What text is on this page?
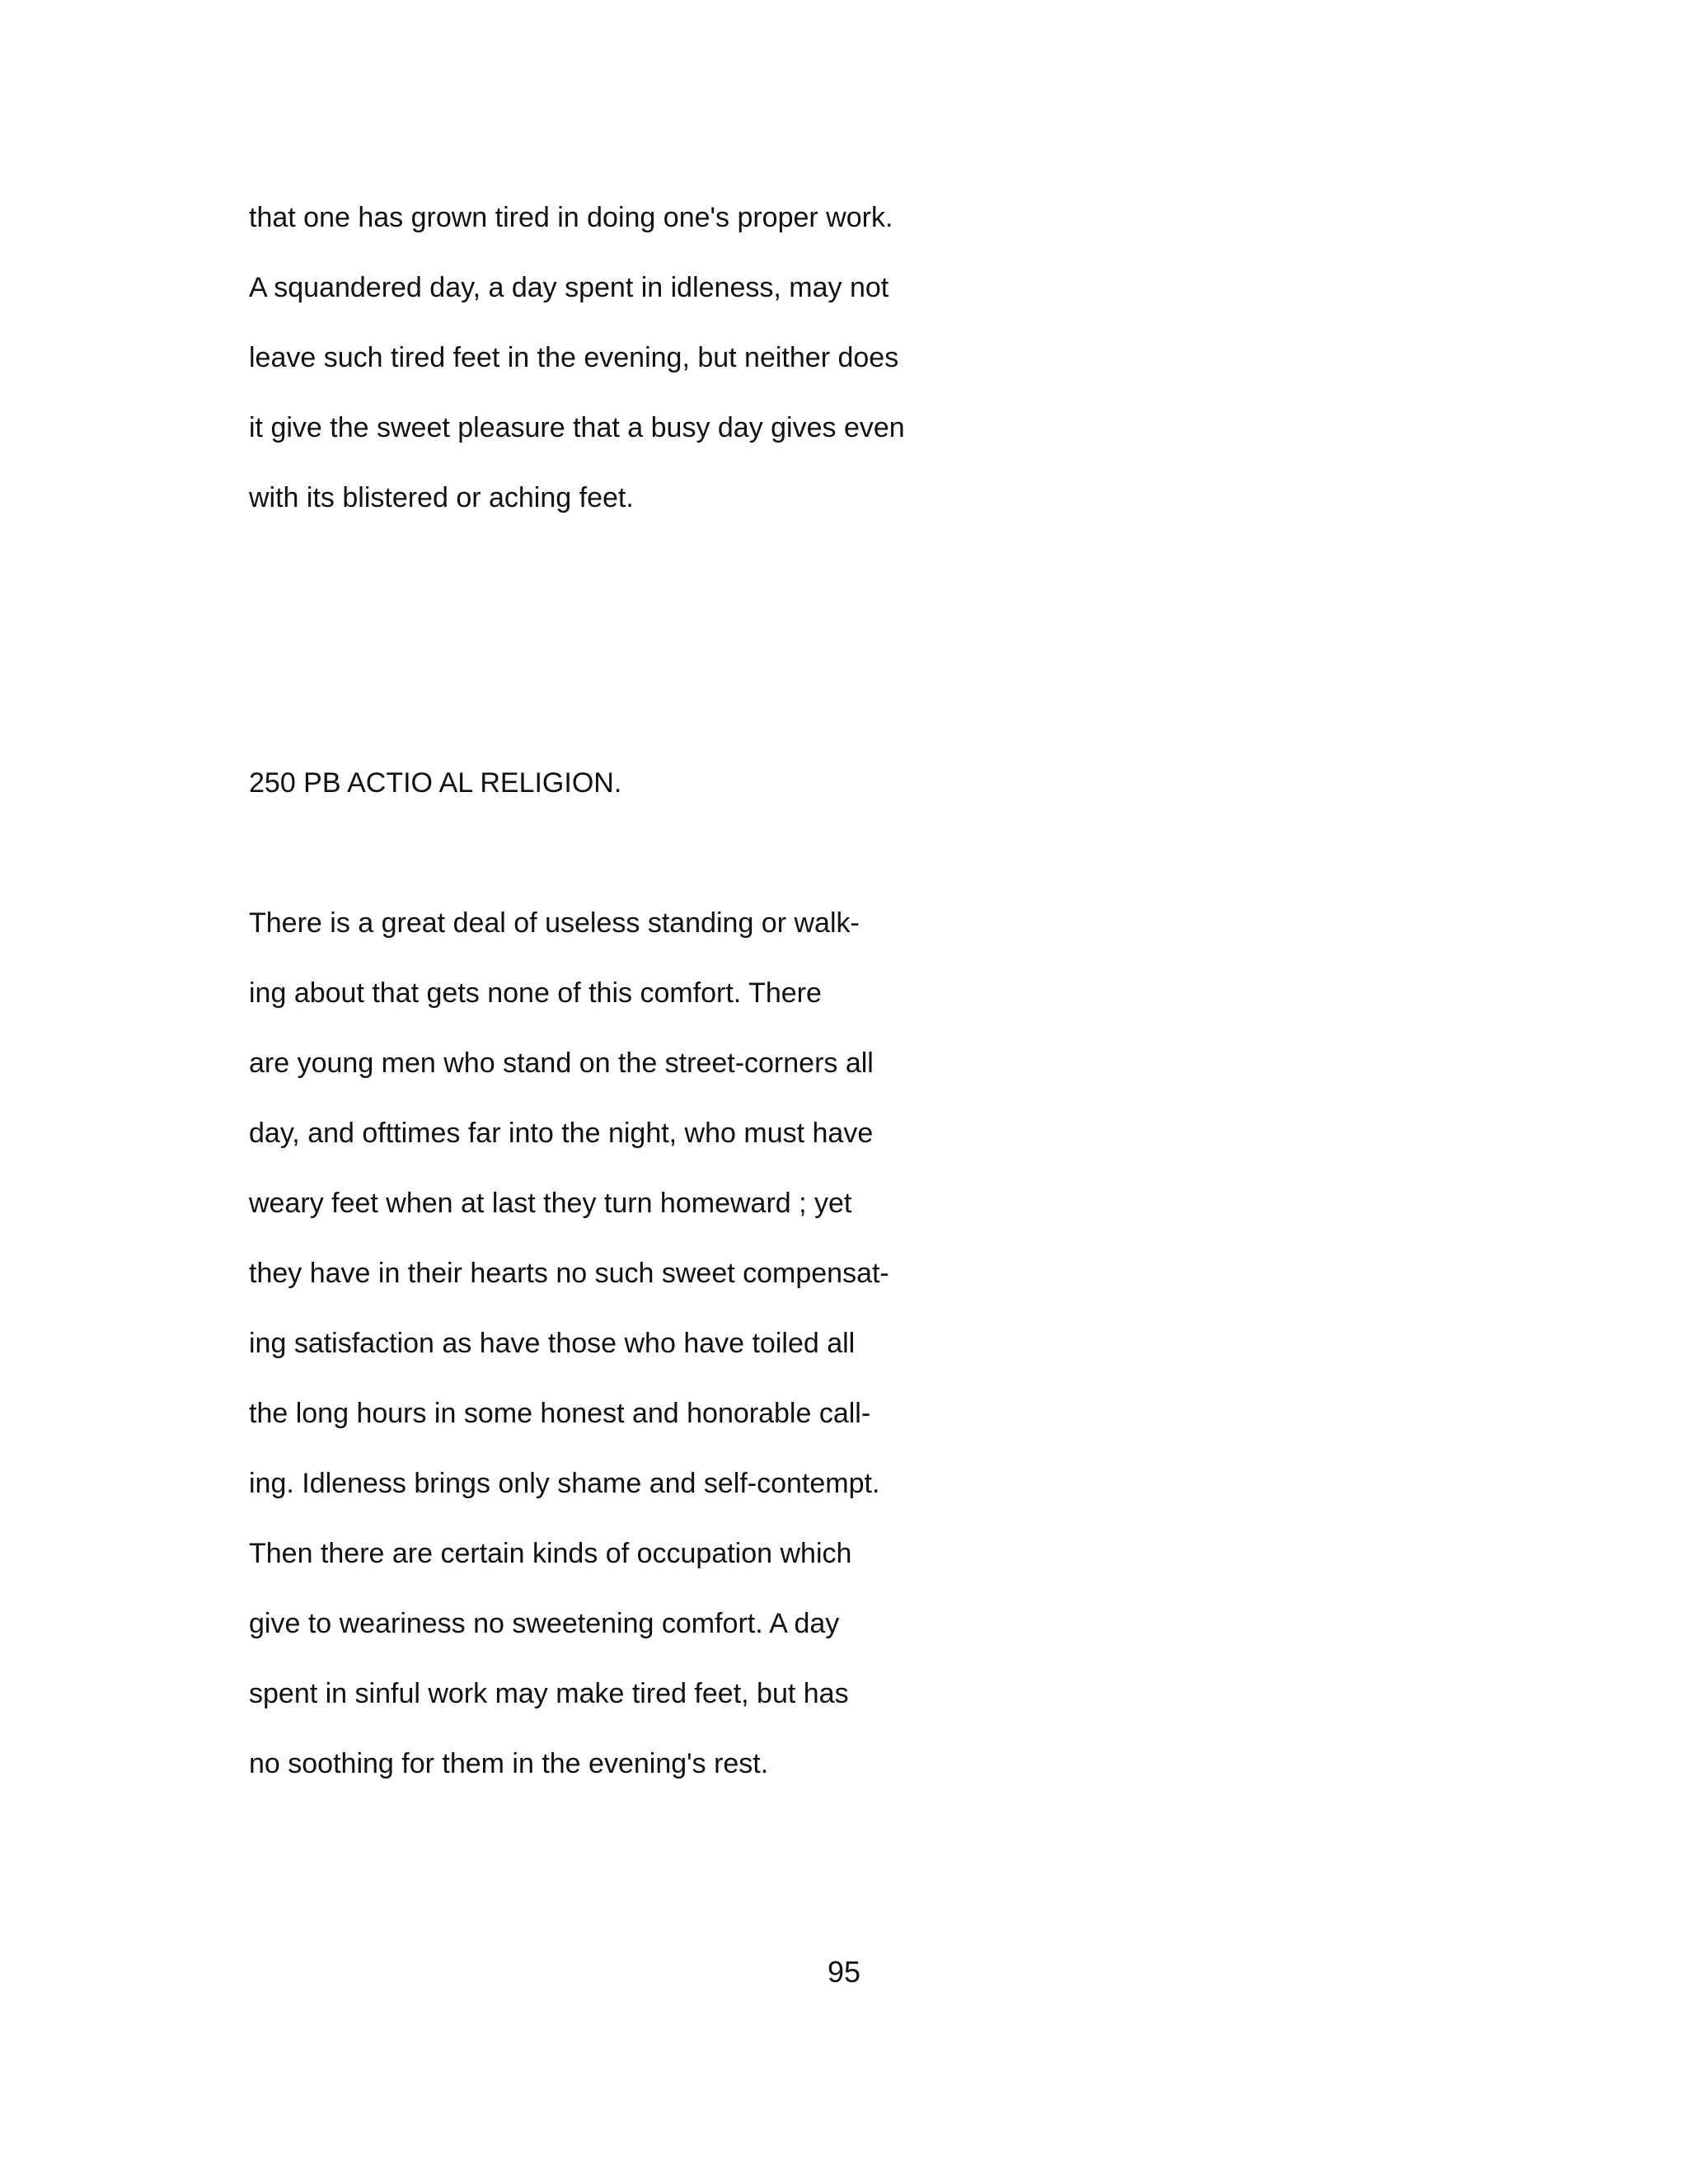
that one has grown tired in doing one's proper work.
A squandered day, a day spent in idleness, may not
leave such tired feet in the evening, but neither does
it give the sweet pleasure that a busy day gives even
with its blistered or aching feet.
250 PB ACTIO AL RELIGION.
There is a great deal of useless standing or walk-
ing about that gets none of this comfort. There
are young men who stand on the street-corners all
day, and ofttimes far into the night, who must have
weary feet when at last they turn homeward ; yet
they have in their hearts no such sweet compensat-
ing satisfaction as have those who have toiled all
the long hours in some honest and honorable call-
ing. Idleness brings only shame and self-contempt.
Then there are certain kinds of occupation which
give to weariness no sweetening comfort. A day
spent in sinful work may make tired feet, but has
no soothing for them in the evening's rest.
95
